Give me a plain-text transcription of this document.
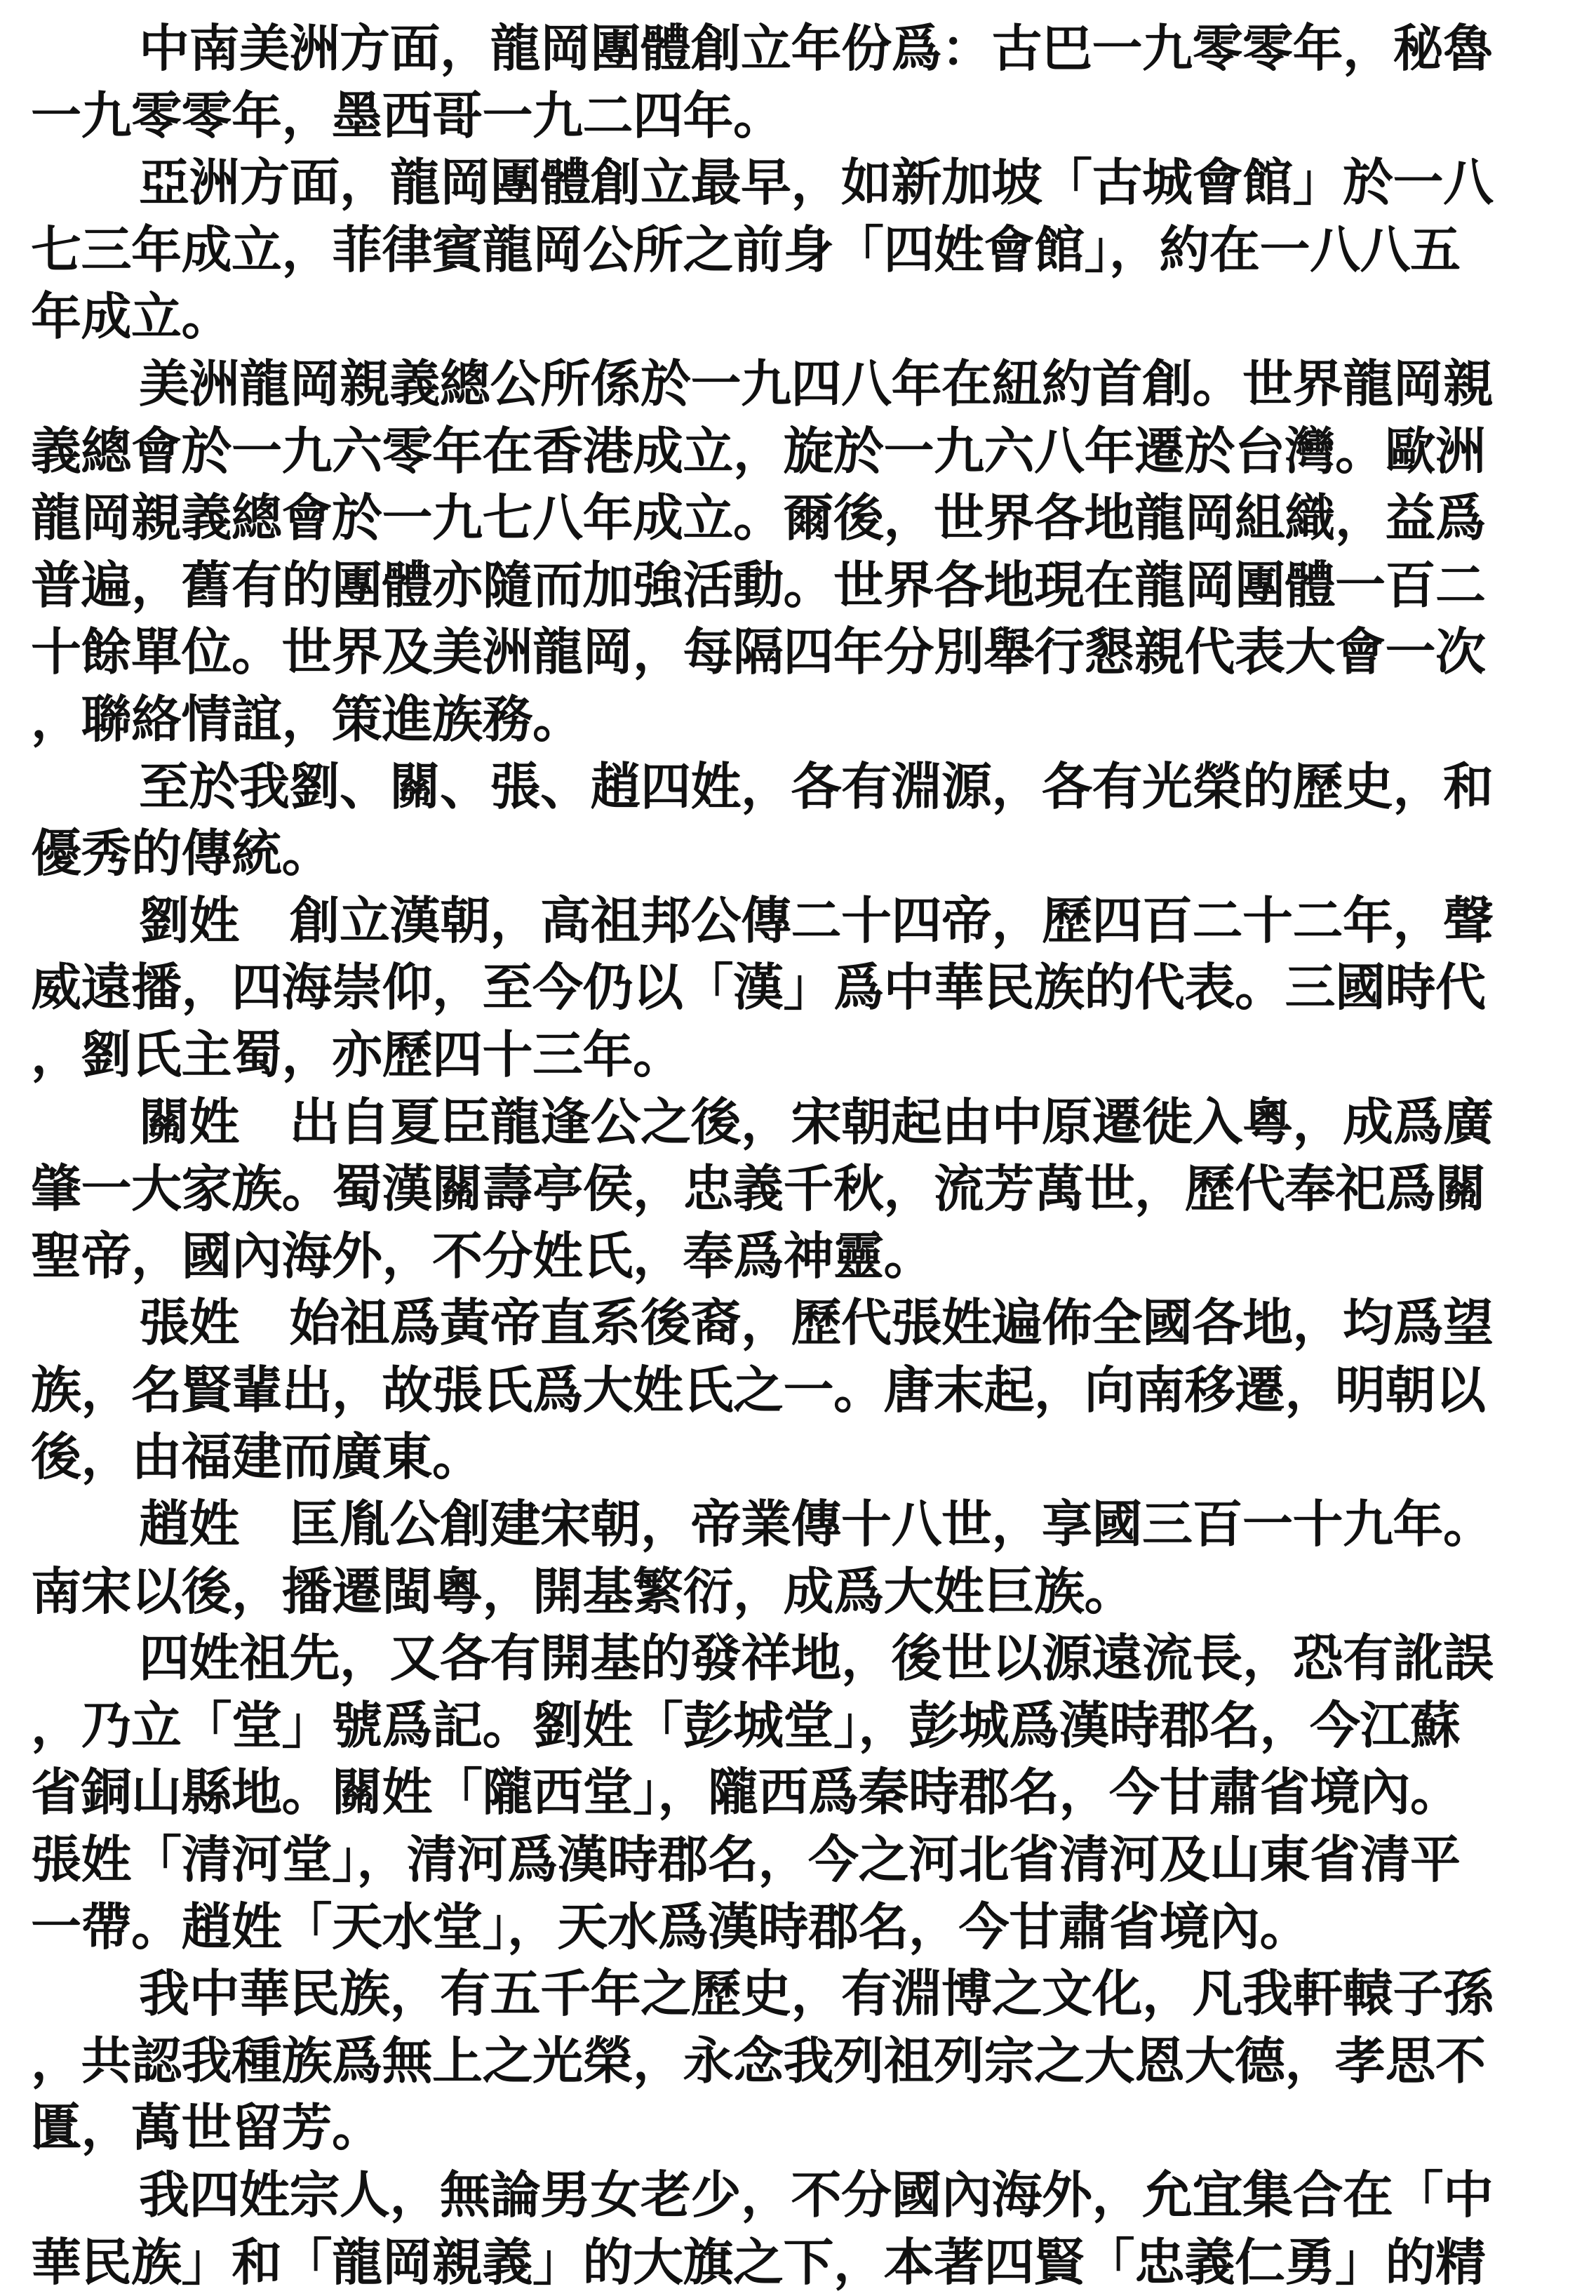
中南美洲方面，龍岡團體創立年份爲：古巴一九零零年，秘魯
一九零零年，墨西哥一九二四年。
亞洲方面，龍岡團體創立最早，如新加坡「古城會館」於一八
七三年成立，菲律賓龍岡公所之前身「四姓會館」，約在一八八五
年成立。
美洲龍岡親義總公所係於一九四八年在紐約首創。世界龍岡親
義總會於一九六零年在香港成立，旋於一九六八年遷於台灣。歐洲
龍岡親義總會於一九七八年成立。爾後，世界各地龍岡組織，益爲
普遍，舊有的團體亦隨而加強活動。世界各地現在龍岡團體一百二
十餘單位。世界及美洲龍岡，每隔四年分別舉行懇親代表大會一次
，聯絡情誼，策進族務。
至於我劉、關、張、趙四姓，各有淵源，各有光榮的歷史，和
優秀的傳統。
劉姓　創立漢朝，高祖邦公傳二十四帝，歷四百二十二年，聲
威遠播，四海崇仰，至今仍以「漢」爲中華民族的代表。三國時代
，劉氏主蜀，亦歷四十三年。
關姓　出自夏臣龍逢公之後，宋朝起由中原遷徙入粵，成爲廣
肇一大家族。蜀漢關壽亭侯，忠義千秋，流芳萬世，歷代奉祀爲關
聖帝，國內海外，不分姓氏，奉爲神靈。
張姓　始祖爲黃帝直系後裔，歷代張姓遍佈全國各地，均爲望
族，名賢輩出，故張氏爲大姓氏之一。唐末起，向南移遷，明朝以
後，由福建而廣東。
趙姓　匡胤公創建宋朝，帝業傳十八世，享國三百一十九年。
南宋以後，播遷閩粵，開基繁衍，成爲大姓巨族。
四姓祖先，又各有開基的發祥地，後世以源遠流長，恐有訛誤
，乃立「堂」號爲記。劉姓「彭城堂」，彭城爲漢時郡名，今江蘇
省銅山縣地。關姓「隴西堂」，隴西爲秦時郡名，今甘肅省境內。
張姓「清河堂」，清河爲漢時郡名，今之河北省清河及山東省清平
一帶。趙姓「天水堂」，天水爲漢時郡名，今甘肅省境內。
我中華民族，有五千年之歷史，有淵博之文化，凡我軒轅子孫
，共認我種族爲無上之光榮，永念我列祖列宗之大恩大德，孝思不
匱，萬世留芳。
我四姓宗人，無論男女老少，不分國內海外，允宜集合在「中
華民族」和「龍岡親義」的大旗之下，本著四賢「忠義仁勇」的精
